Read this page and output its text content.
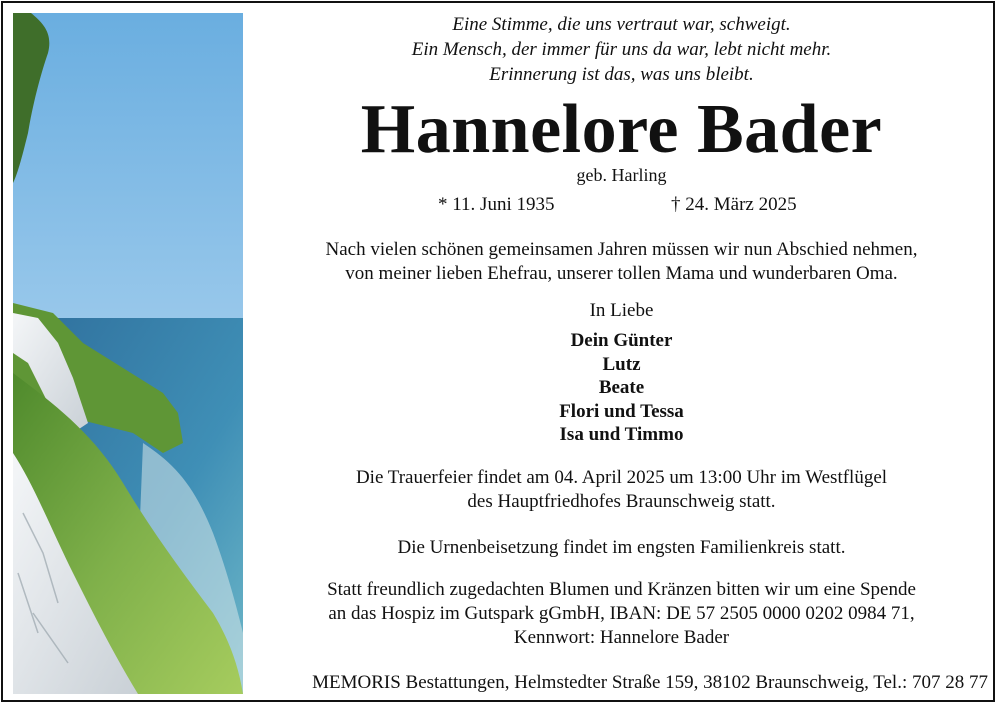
Eine Stimme, die uns vertraut war, schweigt.
Ein Mensch, der immer für uns da war, lebt nicht mehr.
Erinnerung ist das, was uns bleibt.
Hannelore Bader
geb. Harling
* 11. Juni 1935	† 24. März 2025
Nach vielen schönen gemeinsamen Jahren müssen wir nun Abschied nehmen,
von meiner lieben Ehefrau, unserer tollen Mama und wunderbaren Oma.
In Liebe
Dein Günter
Lutz
Beate
Flori und Tessa
Isa und Timmo
Die Trauerfeier findet am 04. April 2025 um 13:00 Uhr im Westflügel
des Hauptfriedhofes Braunschweig statt.
Die Urnenbeisetzung findet im engsten Familienkreis statt.
Statt freundlich zugedachten Blumen und Kränzen bitten wir um eine Spende
an das Hospiz im Gutspark gGmbH, IBAN: DE 57 2505 0000 0202 0984 71,
Kennwort: Hannelore Bader
MEMORIS Bestattungen, Helmstedter Straße 159, 38102 Braunschweig, Tel.: 707 28 77
